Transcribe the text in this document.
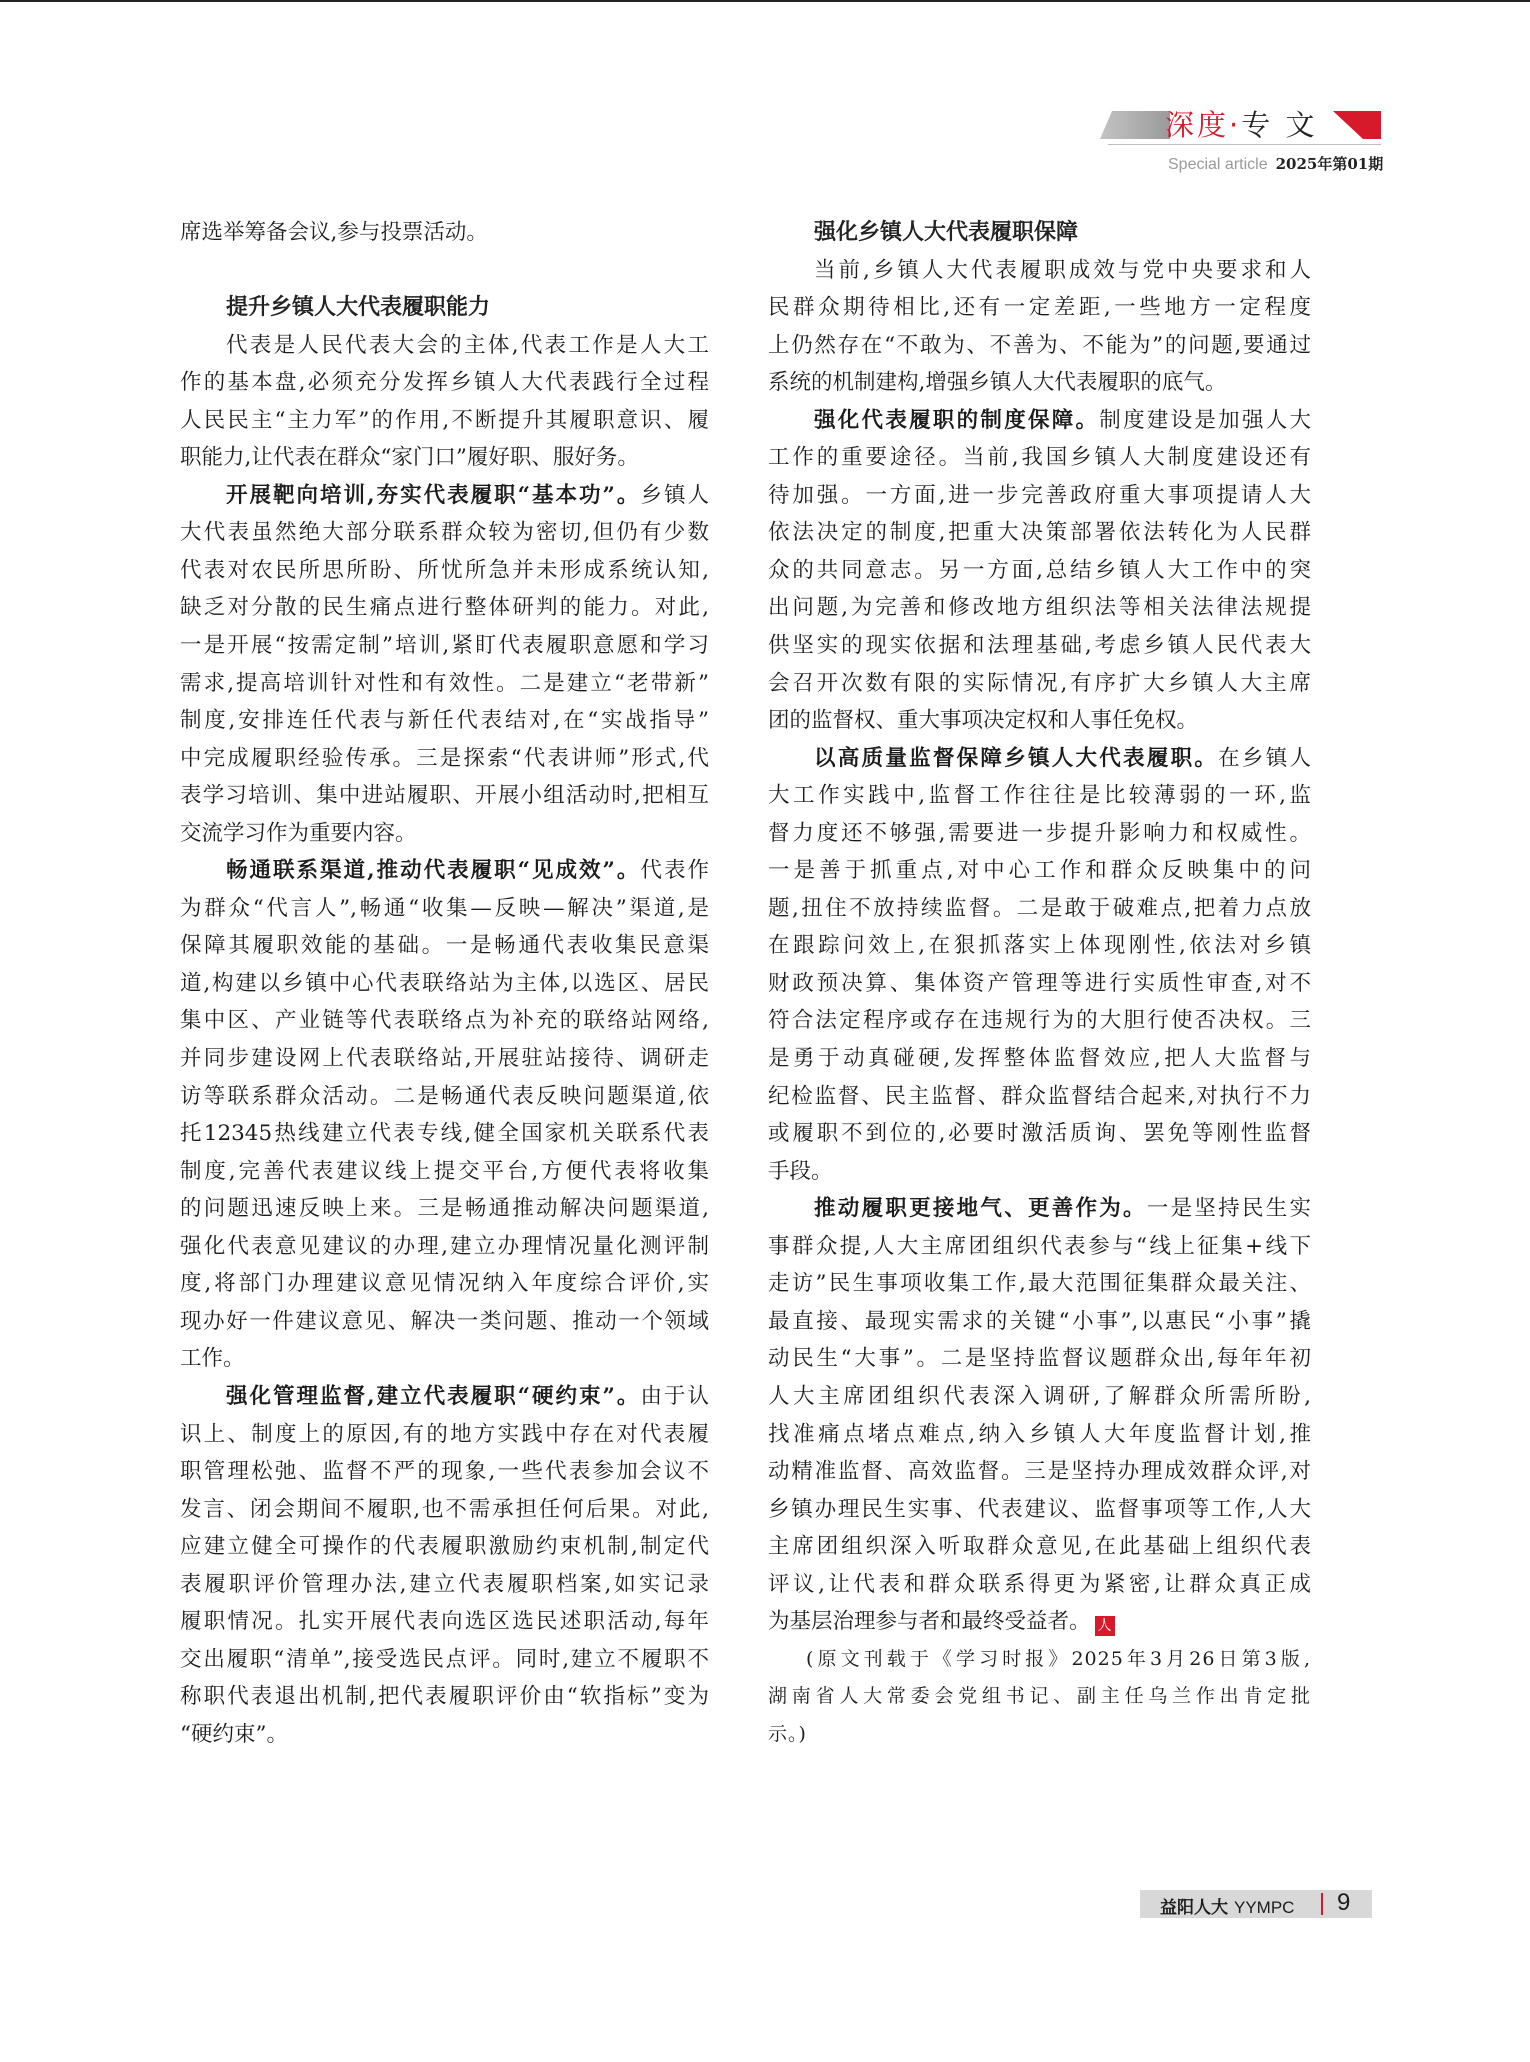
深度·专 文
Special article 2025年第01期
席选举筹备会议,参与投票活动。
提升乡镇人大代表履职能力
代表是人民代表大会的主体,代表工作是人大工
作的基本盘,必须充分发挥乡镇人大代表践行全过程
人民民主“主力军”的作用,不断提升其履职意识、履
职能力,让代表在群众“家门口”履好职、服好务。
开展靶向培训,夯实代表履职“基本功”。乡镇人
大代表虽然绝大部分联系群众较为密切,但仍有少数
代表对农民所思所盼、所忧所急并未形成系统认知,
缺乏对分散的民生痛点进行整体研判的能力。对此,
一是开展“按需定制”培训,紧盯代表履职意愿和学习
需求,提高培训针对性和有效性。二是建立“老带新”
制度,安排连任代表与新任代表结对,在“实战指导”
中完成履职经验传承。三是探索“代表讲师”形式,代
表学习培训、集中进站履职、开展小组活动时,把相互
交流学习作为重要内容。
畅通联系渠道,推动代表履职“见成效”。代表作
为群众“代言人”,畅通“收集—反映—解决”渠道,是
保障其履职效能的基础。一是畅通代表收集民意渠
道,构建以乡镇中心代表联络站为主体,以选区、居民
集中区、产业链等代表联络点为补充的联络站网络,
并同步建设网上代表联络站,开展驻站接待、调研走
访等联系群众活动。二是畅通代表反映问题渠道,依
托12345热线建立代表专线,健全国家机关联系代表
制度,完善代表建议线上提交平台,方便代表将收集
的问题迅速反映上来。三是畅通推动解决问题渠道,
强化代表意见建议的办理,建立办理情况量化测评制
度,将部门办理建议意见情况纳入年度综合评价,实
现办好一件建议意见、解决一类问题、推动一个领域
工作。
强化管理监督,建立代表履职“硬约束”。由于认
识上、制度上的原因,有的地方实践中存在对代表履
职管理松弛、监督不严的现象,一些代表参加会议不
发言、闭会期间不履职,也不需承担任何后果。对此,
应建立健全可操作的代表履职激励约束机制,制定代
表履职评价管理办法,建立代表履职档案,如实记录
履职情况。扎实开展代表向选区选民述职活动,每年
交出履职“清单”,接受选民点评。同时,建立不履职不
称职代表退出机制,把代表履职评价由“软指标”变为
“硬约束”。
强化乡镇人大代表履职保障
当前,乡镇人大代表履职成效与党中央要求和人
民群众期待相比,还有一定差距,一些地方一定程度
上仍然存在“不敢为、不善为、不能为”的问题,要通过
系统的机制建构,增强乡镇人大代表履职的底气。
强化代表履职的制度保障。制度建设是加强人大
工作的重要途径。当前,我国乡镇人大制度建设还有
待加强。一方面,进一步完善政府重大事项提请人大
依法决定的制度,把重大决策部署依法转化为人民群
众的共同意志。另一方面,总结乡镇人大工作中的突
出问题,为完善和修改地方组织法等相关法律法规提
供坚实的现实依据和法理基础,考虑乡镇人民代表大
会召开次数有限的实际情况,有序扩大乡镇人大主席
团的监督权、重大事项决定权和人事任免权。
以高质量监督保障乡镇人大代表履职。在乡镇人
大工作实践中,监督工作往往是比较薄弱的一环,监
督力度还不够强,需要进一步提升影响力和权威性。
一是善于抓重点,对中心工作和群众反映集中的问
题,扭住不放持续监督。二是敢于破难点,把着力点放
在跟踪问效上,在狠抓落实上体现刚性,依法对乡镇
财政预决算、集体资产管理等进行实质性审查,对不
符合法定程序或存在违规行为的大胆行使否决权。三
是勇于动真碰硬,发挥整体监督效应,把人大监督与
纪检监督、民主监督、群众监督结合起来,对执行不力
或履职不到位的,必要时激活质询、罢免等刚性监督
手段。
推动履职更接地气、更善作为。一是坚持民生实
事群众提,人大主席团组织代表参与“线上征集+线下
走访”民生事项收集工作,最大范围征集群众最关注、
最直接、最现实需求的关键“小事”,以惠民“小事”撬
动民生“大事”。二是坚持监督议题群众出,每年年初
人大主席团组织代表深入调研,了解群众所需所盼,
找准痛点堵点难点,纳入乡镇人大年度监督计划,推
动精准监督、高效监督。三是坚持办理成效群众评,对
乡镇办理民生实事、代表建议、监督事项等工作,人大
主席团组织深入听取群众意见,在此基础上组织代表
评议,让代表和群众联系得更为紧密,让群众真正成
为基层治理参与者和最终受益者。 人
(原文刊载于《学习时报》2025年3月26日第3版,
湖南省人大常委会党组书记、副主任乌兰作出肯定批
示。)
益阳人大 YYMPC 9
